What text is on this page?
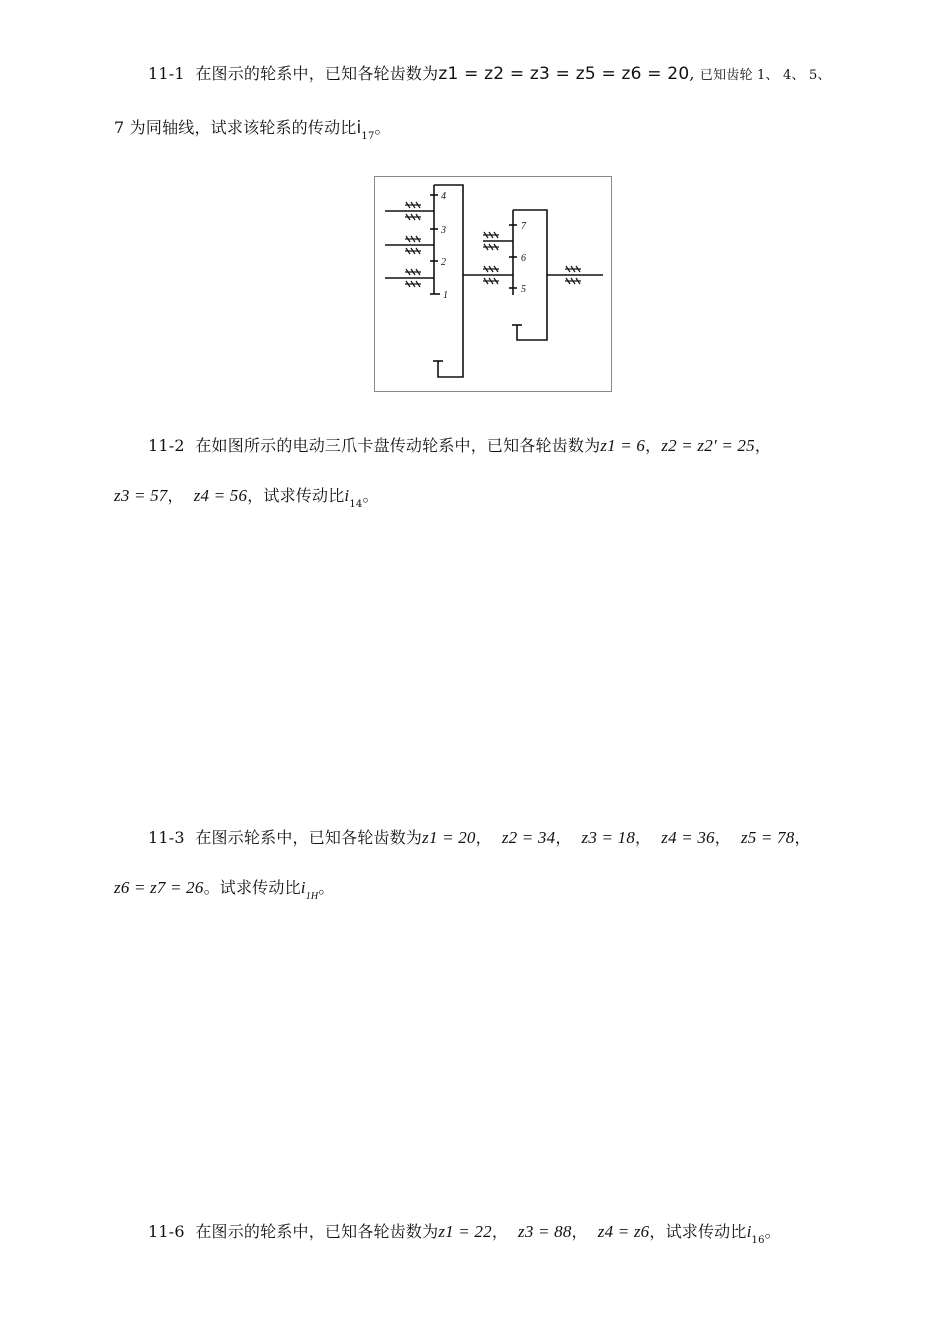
11-1 在图示的轮系中，已知各轮齿数为z1 = z2 = z3 = z5 = z6 = 20, 已知齿轮 1、 4、 5、
7 为同轴线，试求该轮系的传动比$i_{17}$。
4
3
2
1
7
6
5
11-2 在如图所示的电动三爪卡盘传动轮系中，已知各轮齿数为z1 = 6，z2 = z2′ = 25，
z3 = 57， z4 = 56，试求传动比$i_{14}$。
11-3 在图示轮系中，已知各轮齿数为z1 = 20， z2 = 34， z3 = 18， z4 = 36， z5 = 78，
z6 = z7 = 26。试求传动比$i_{1H}$。
11-6 在图示的轮系中，已知各轮齿数为z1 = 22， z3 = 88， z4 = z6，试求传动比$i_{16}$。
